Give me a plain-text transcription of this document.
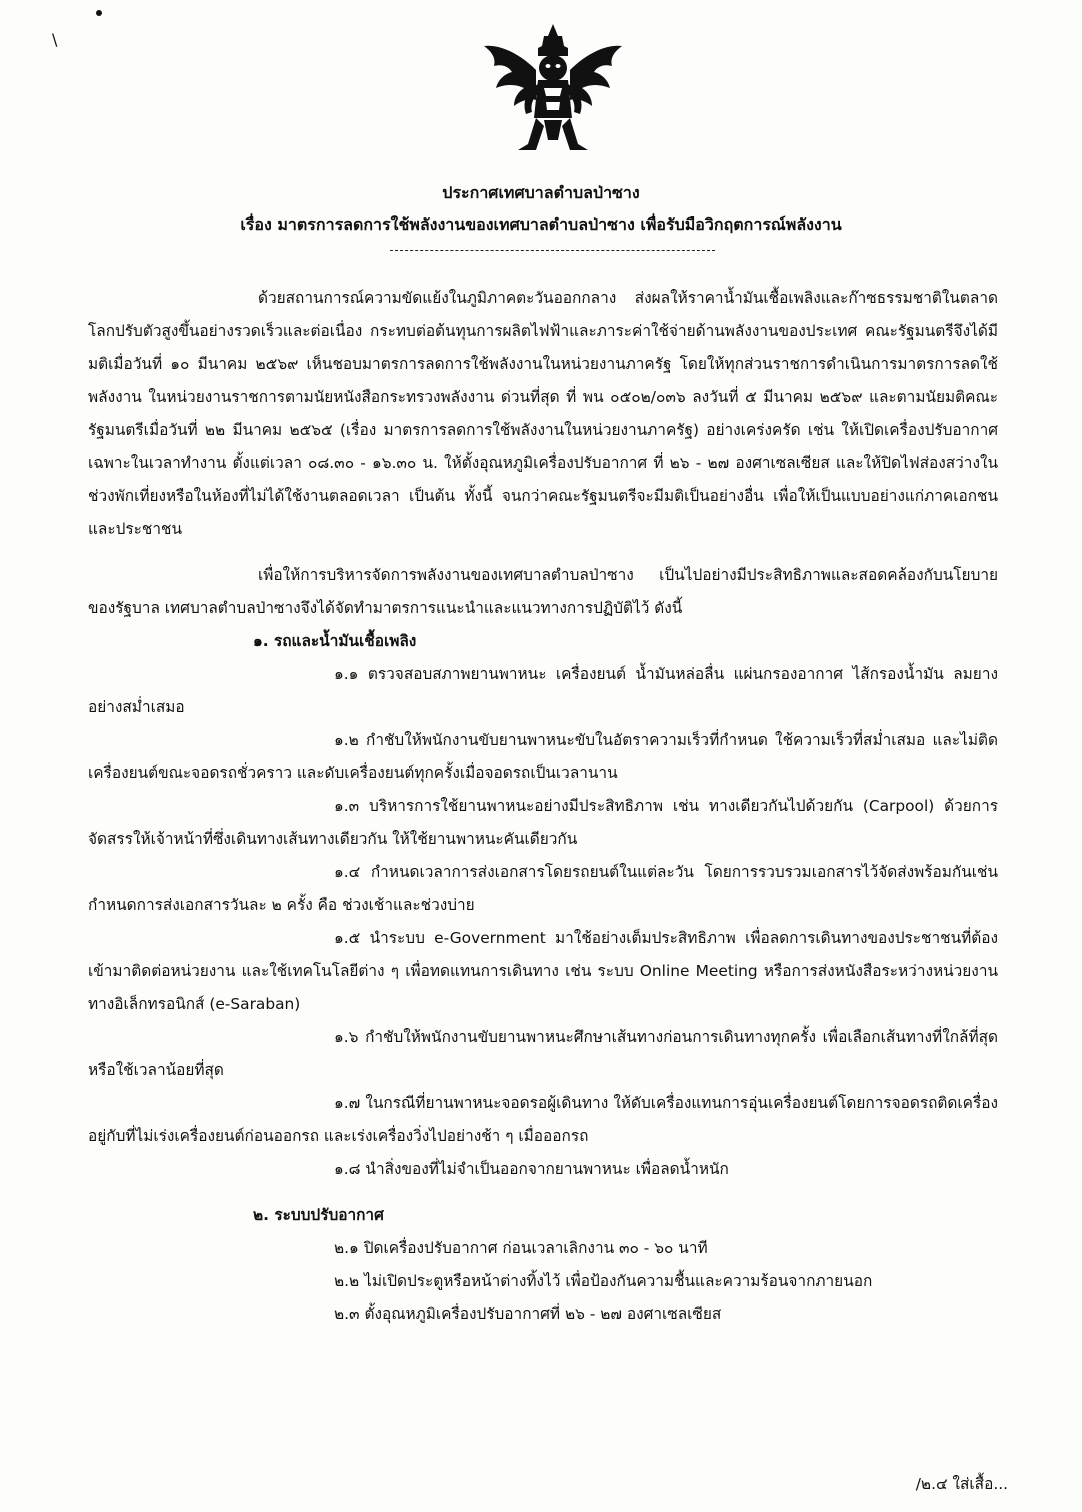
\
ประกาศเทศบาลตำบลป่าซาง
เรื่อง มาตรการลดการใช้พลังงานของเทศบาลตำบลป่าซาง เพื่อรับมือวิกฤตการณ์พลังงาน

ด้วยสถานการณ์ความขัดแย้งในภูมิภาคตะวันออกกลาง ส่งผลให้ราคาน้ำมันเชื้อเพลิงและก๊าซธรรมชาติในตลาดโลกปรับตัวสูงขึ้นอย่างรวดเร็วและต่อเนื่อง กระทบต่อต้นทุนการผลิตไฟฟ้าและภาระค่าใช้จ่ายด้านพลังงานของประเทศ คณะรัฐมนตรีจึงได้มีมติเมื่อวันที่ ๑๐ มีนาคม ๒๕๖๙ เห็นชอบมาตรการลดการใช้พลังงานในหน่วยงานภาครัฐ โดยให้ทุกส่วนราชการดำเนินการมาตรการลดใช้พลังงาน ในหน่วยงานราชการตามนัยหนังสือกระทรวงพลังงาน ด่วนที่สุด ที่ พน ๐๕๐๒/๐๓๖ ลงวันที่ ๕ มีนาคม ๒๕๖๙ และตามนัยมติคณะรัฐมนตรีเมื่อวันที่ ๒๒ มีนาคม ๒๕๖๕ (เรื่อง มาตรการลดการใช้พลังงานในหน่วยงานภาครัฐ) อย่างเคร่งครัด เช่น ให้เปิดเครื่องปรับอากาศเฉพาะในเวลาทำงาน ตั้งแต่เวลา ๐๘.๓๐ - ๑๖.๓๐ น. ให้ตั้งอุณหภูมิเครื่องปรับอากาศ ที่ ๒๖ - ๒๗ องศาเซลเซียส และให้ปิดไฟส่องสว่างในช่วงพักเที่ยงหรือในห้องที่ไม่ได้ใช้งานตลอดเวลา เป็นต้น ทั้งนี้ จนกว่าคณะรัฐมนตรีจะมีมติเป็นอย่างอื่น เพื่อให้เป็นแบบอย่างแก่ภาคเอกชนและประชาชน

เพื่อให้การบริหารจัดการพลังงานของเทศบาลตำบลป่าซาง เป็นไปอย่างมีประสิทธิภาพและสอดคล้องกับนโยบายของรัฐบาล เทศบาลตำบลป่าซางจึงได้จัดทำมาตรการแนะนำและแนวทางการปฏิบัติไว้ ดังนี้

๑. รถและน้ำมันเชื้อเพลิง

๑.๑ ตรวจสอบสภาพยานพาหนะ เครื่องยนต์ น้ำมันหล่อลื่น แผ่นกรองอากาศ ไส้กรองน้ำมัน ลมยางอย่างสม่ำเสมอ

๑.๒ กำชับให้พนักงานขับยานพาหนะขับในอัตราความเร็วที่กำหนด ใช้ความเร็วที่สม่ำเสมอ และไม่ติดเครื่องยนต์ขณะจอดรถชั่วคราว และดับเครื่องยนต์ทุกครั้งเมื่อจอดรถเป็นเวลานาน

๑.๓ บริหารการใช้ยานพาหนะอย่างมีประสิทธิภาพ เช่น ทางเดียวกันไปด้วยกัน (Carpool) ด้วยการจัดสรรให้เจ้าหน้าที่ซึ่งเดินทางเส้นทางเดียวกัน ให้ใช้ยานพาหนะคันเดียวกัน

๑.๔ กำหนดเวลาการส่งเอกสารโดยรถยนต์ในแต่ละวัน โดยการรวบรวมเอกสารไว้จัดส่งพร้อมกันเช่น กำหนดการส่งเอกสารวันละ ๒ ครั้ง คือ ช่วงเช้าและช่วงบ่าย

๑.๕ นำระบบ e-Government มาใช้อย่างเต็มประสิทธิภาพ เพื่อลดการเดินทางของประชาชนที่ต้องเข้ามาติดต่อหน่วยงาน และใช้เทคโนโลยีต่าง ๆ เพื่อทดแทนการเดินทาง เช่น ระบบ Online Meeting หรือการส่งหนังสือระหว่างหน่วยงานทางอิเล็กทรอนิกส์ (e-Saraban)

๑.๖ กำชับให้พนักงานขับยานพาหนะศึกษาเส้นทางก่อนการเดินทางทุกครั้ง เพื่อเลือกเส้นทางที่ใกล้ที่สุดหรือใช้เวลาน้อยที่สุด

๑.๗ ในกรณีที่ยานพาหนะจอดรอผู้เดินทาง ให้ดับเครื่องแทนการอุ่นเครื่องยนต์โดยการจอดรถติดเครื่องอยู่กับที่ไม่เร่งเครื่องยนต์ก่อนออกรถ และเร่งเครื่องวิ่งไปอย่างช้า ๆ เมื่อออกรถ

๑.๘ นำสิ่งของที่ไม่จำเป็นออกจากยานพาหนะ เพื่อลดน้ำหนัก

๒. ระบบปรับอากาศ
๒.๑ ปิดเครื่องปรับอากาศ ก่อนเวลาเลิกงาน ๓๐ - ๖๐ นาที
๒.๒ ไม่เปิดประตูหรือหน้าต่างทิ้งไว้ เพื่อป้องกันความชื้นและความร้อนจากภายนอก
๒.๓ ตั้งอุณหภูมิเครื่องปรับอากาศที่ ๒๖ - ๒๗ องศาเซลเซียส
/๒.๔ ใส่เสื้อ...
